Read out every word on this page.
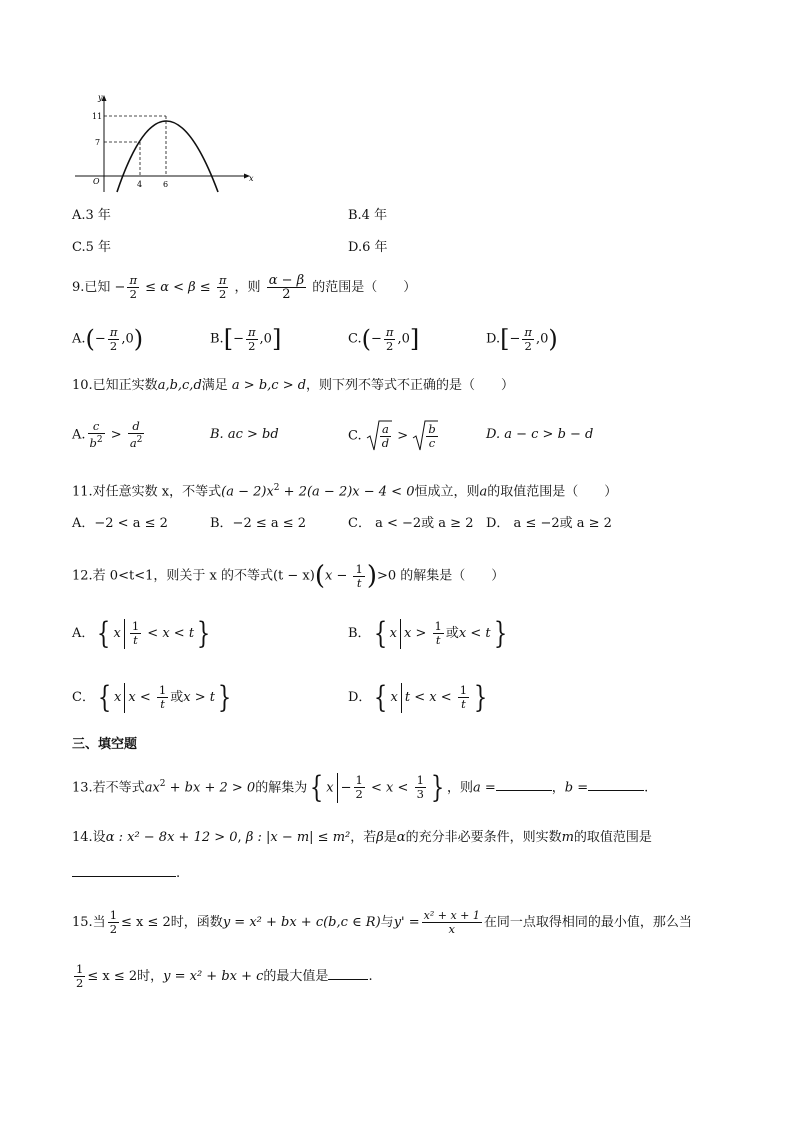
y
x
O
11
7
4	6
A.3 年	B.4 年
C.5 年	D.6 年
9.已知 − $\frac{\pi}{2} \le \alpha < \beta \le \frac{\pi}{2}$ ，则 $\frac{\alpha - \beta}{2}$ 的范围是（　　）
$A.(- \frac{\pi}{2} ,0)$	$B.[- \frac{\pi}{2} ,0]$	$C.(- \frac{\pi}{2} ,0]$	$D.[- \frac{\pi}{2} ,0)$
10.已知正实数a,b,c,d满足 a > b,c > d，则下列不等式不正确的是（　　）
A. $\frac{c}{b^2} > \frac{d}{a^2}$	B. ac > bd	C. $\frac{a}{d} > \frac{b}{c}$	D. a − c > b − d
11.对任意实数 x，不等式$(a - 2)x^2 + 2(a - 2)x - 4 < 0$恒成立，则a的取值范围是（　　）
A．−2 < a ≤ 2	B．−2 ≤ a ≤ 2	C． a < −2或 a ≥ 2 D． a ≤ −2或 a ≥ 2
12.若 0<t<1，则关于 x 的不等式$(t - x)(x - \frac{1}{t} )>0$ 的解集是（　　）
A．{ x $\frac{1}{t} < x < t$}	B．{ x $x > \frac{1}{t}$ 或x < t}
C．{ x $x < \frac{1}{t}$ 或x > t}	D．{ x $t < x < \frac{1}{t}$ }
三、填空题
13.若不等式$ax^2$ + bx + 2 > 0的解集为{ $x - \frac{1}{2} < x < \frac{1}{3}$ } ，则a =	，b =	.
14.设α : x² − 8x + 12 > 0, β : |x − m| ≤ m²，若β是α的充分非必要条件，则实数m的取值范围是
.
15.当 $\frac{1}{2} \le x \le 2$时，函数y = x² + bx + c(b,c ∈ R)与$y' = \frac{\text{x² + x + 1}}{x}$ 在同一点取得相同的最小值，那么当
$\frac{1}{2} \le x \le 2$时，y = x² + bx + c的最大值是	.
